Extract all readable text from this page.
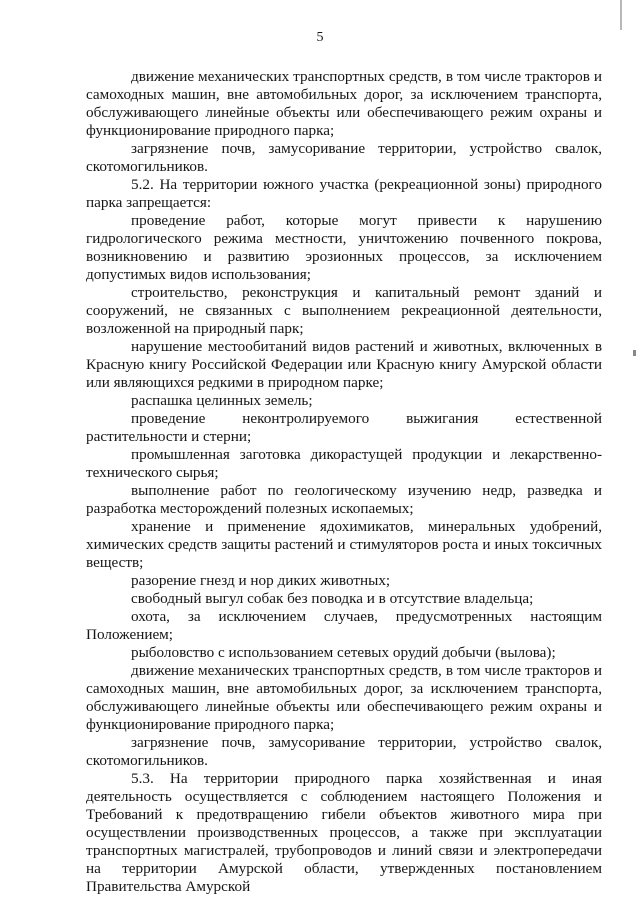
5

движение механических транспортных средств, в том числе тракторов и самоходных машин, вне автомобильных дорог, за исключением транспорта, обслуживающего линейные объекты или обеспечивающего режим охраны и функционирование природного парка;

загрязнение почв, замусоривание территории, устройство свалок, скотомогильников.

5.2. На территории южного участка (рекреационной зоны) природного парка запрещается:

проведение работ, которые могут привести к нарушению гидрологического режима местности, уничтожению почвенного покрова, возникновению и развитию эрозионных процессов, за исключением допустимых видов использования;

строительство, реконструкция и капитальный ремонт зданий и сооружений, не связанных с выполнением рекреационной деятельности, возложенной на природный парк;

нарушение местообитаний видов растений и животных, включенных в Красную книгу Российской Федерации или Красную книгу Амурской области или являющихся редкими в природном парке;

распашка целинных земель;

проведение неконтролируемого выжигания естественной растительности и стерни;

промышленная заготовка дикорастущей продукции и лекарственно-технического сырья;

выполнение работ по геологическому изучению недр, разведка и разработка месторождений полезных ископаемых;

хранение и применение ядохимикатов, минеральных удобрений, химических средств защиты растений и стимуляторов роста и иных токсичных веществ;

разорение гнезд и нор диких животных;

свободный выгул собак без поводка и в отсутствие владельца;

охота, за исключением случаев, предусмотренных настоящим Положением;

рыболовство с использованием сетевых орудий добычи (вылова);

движение механических транспортных средств, в том числе тракторов и самоходных машин, вне автомобильных дорог, за исключением транспорта, обслуживающего линейные объекты или обеспечивающего режим охраны и функционирование природного парка;

загрязнение почв, замусоривание территории, устройство свалок, скотомогильников.

5.3. На территории природного парка хозяйственная и иная деятельность осуществляется с соблюдением настоящего Положения и Требований к предотвращению гибели объектов животного мира при осуществлении производственных процессов, а также при эксплуатации транспортных магистралей, трубопроводов и линий связи и электропередачи на территории Амурской области, утвержденных постановлением Правительства Амурской
